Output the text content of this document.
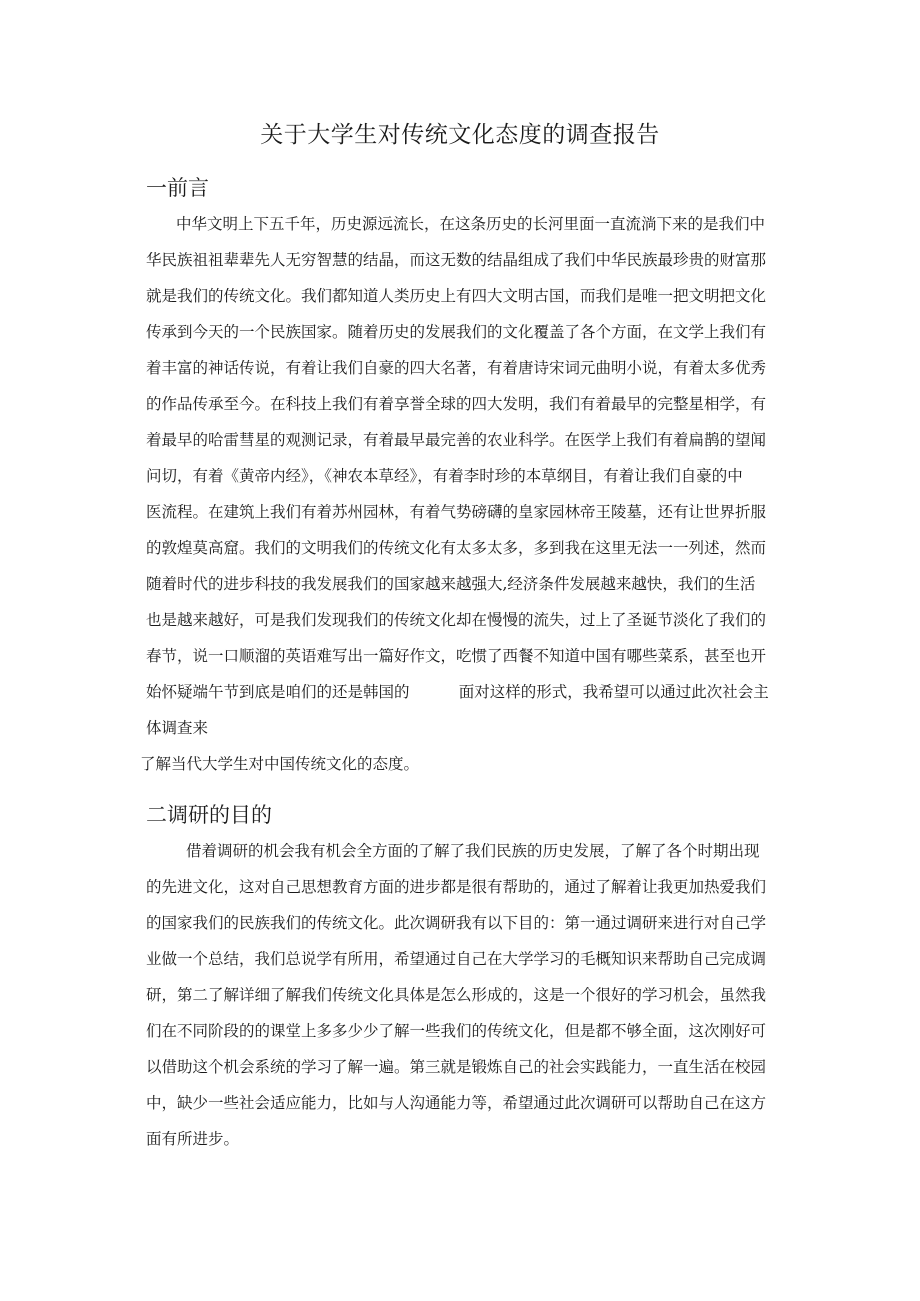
关于大学生对传统文化态度的调查报告
一前言
中华文明上下五千年，历史源远流长，在这条历史的长河里面一直流淌下来的是我们中
华民族祖祖辈辈先人无穷智慧的结晶，而这无数的结晶组成了我们中华民族最珍贵的财富那
就是我们的传统文化。我们都知道人类历史上有四大文明古国，而我们是唯一把文明把文化
传承到今天的一个民族国家。随着历史的发展我们的文化覆盖了各个方面，在文学上我们有
着丰富的神话传说，有着让我们自豪的四大名著，有着唐诗宋词元曲明小说，有着太多优秀
的作品传承至今。在科技上我们有着享誉全球的四大发明，我们有着最早的完整星相学，有
着最早的哈雷彗星的观测记录，有着最早最完善的农业科学。在医学上我们有着扁鹊的望闻
问切，有着《黄帝内经》，《神农本草经》，有着李时珍的本草纲目，有着让我们自豪的中
医流程。在建筑上我们有着苏州园林，有着气势磅礴的皇家园林帝王陵墓，还有让世界折服
的敦煌莫高窟。我们的文明我们的传统文化有太多太多，多到我在这里无法一一列述，然而
随着时代的进步科技的我发展我们的国家越来越强大,经济条件发展越来越快，我们的生活
也是越来越好，可是我们发现我们的传统文化却在慢慢的流失，过上了圣诞节淡化了我们的
春节，说一口顺溜的英语难写出一篇好作文，吃惯了西餐不知道中国有哪些菜系，甚至也开
始怀疑端午节到底是咱们的还是韩国的          面对这样的形式，我希望可以通过此次社会主
体调查来
了解当代大学生对中国传统文化的态度。
二调研的目的
借着调研的机会我有机会全方面的了解了我们民族的历史发展，了解了各个时期出现
的先进文化，这对自己思想教育方面的进步都是很有帮助的，通过了解着让我更加热爱我们
的国家我们的民族我们的传统文化。此次调研我有以下目的：第一通过调研来进行对自己学
业做一个总结，我们总说学有所用，希望通过自己在大学学习的毛概知识来帮助自己完成调
研，第二了解详细了解我们传统文化具体是怎么形成的，这是一个很好的学习机会，虽然我
们在不同阶段的的课堂上多多少少了解一些我们的传统文化，但是都不够全面，这次刚好可
以借助这个机会系统的学习了解一遍。第三就是锻炼自己的社会实践能力，一直生活在校园
中，缺少一些社会适应能力，比如与人沟通能力等，希望通过此次调研可以帮助自己在这方
面有所进步。
